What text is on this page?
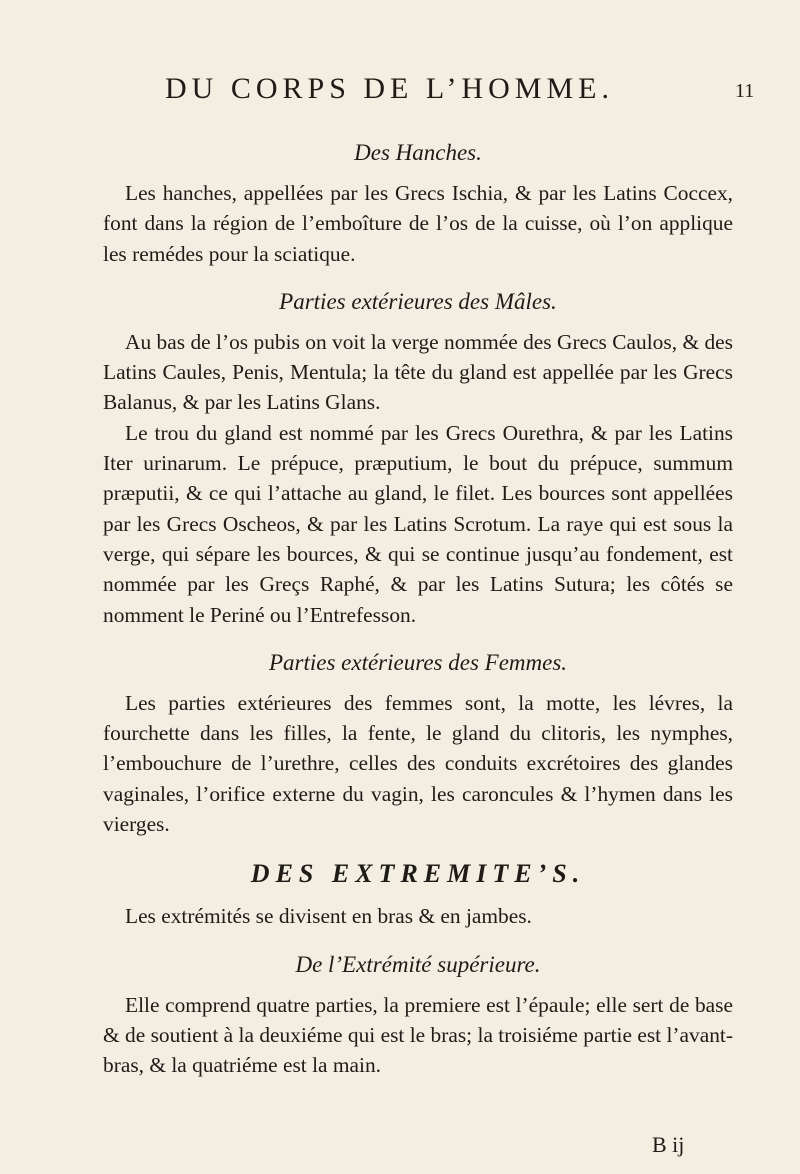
DU CORPS DE L’HOMME.	11
Des Hanches.

Les hanches, appellées par les Grecs Ischia, & par les Latins Coccex, font dans la région de l’emboîture de l’os de la cuisse, où l’on applique les remédes pour la sciatique.

Parties extérieures des Mâles.

Au bas de l’os pubis on voit la verge nommée des Grecs Caulos, & des Latins Caules, Penis, Mentula; la tête du gland est appellée par les Grecs Balanus, & par les Latins Glans.

Le trou du gland est nommé par les Grecs Ourethra, & par les Latins Iter urinarum. Le prépuce, præputium, le bout du prépuce, summum præputii, & ce qui l’attache au gland, le filet. Les bources sont appellées par les Grecs Oscheos, & par les Latins Scrotum. La raye qui est sous la verge, qui sépare les bources, & qui se continue jusqu’au fondement, est nommée par les Greçs Raphé, & par les Latins Sutura; les côtés se nomment le Periné ou l’Entrefesson.

Parties extérieures des Femmes.

Les parties extérieures des femmes sont, la motte, les lévres, la fourchette dans les filles, la fente, le gland du clitoris, les nymphes, l’embouchure de l’urethre, celles des conduits excrétoires des glandes vaginales, l’orifice externe du vagin, les caroncules & l’hymen dans les vierges.

DES EXTREMITE’S.

Les extrémités se divisent en bras & en jambes.

De l’Extrémité supérieure.

Elle comprend quatre parties, la premiere est l’épaule; elle sert de base & de soutient à la deuxiéme qui est le bras; la troisiéme partie est l’avant-bras, & la quatriéme est la main.

B ij
